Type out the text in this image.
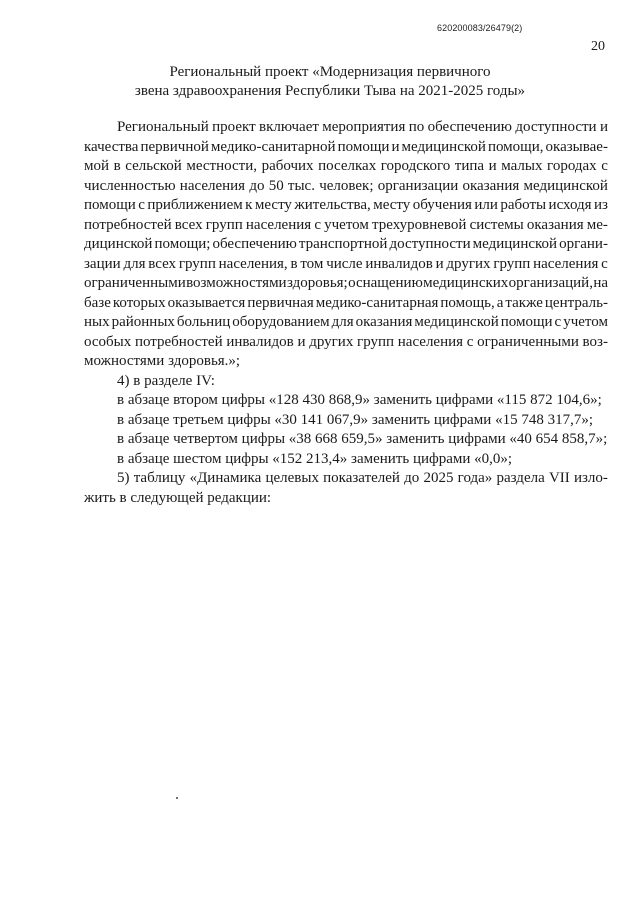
620200083/26479(2)
20
Региональный проект «Модернизация первичного
звена здравоохранения Республики Тыва на 2021-2025 годы»
Региональный проект включает мероприятия по обеспечению доступности и
качества первичной медико-санитарной помощи и медицинской помощи, оказывае-
мой в сельской местности, рабочих поселках городского типа и малых городах с
численностью населения до 50 тыс. человек; организации оказания медицинской
помощи с приближением к месту жительства, месту обучения или работы исходя из
потребностей всех групп населения с учетом трехуровневой системы оказания ме-
дицинской помощи; обеспечению транспортной доступности медицинской органи-
зации для всех групп населения, в том числе инвалидов и других групп населения с
ограниченными возможностями здоровья; оснащению медицинских организаций, на
базе которых оказывается первичная медико-санитарная помощь, а также централь-
ных районных больниц оборудованием для оказания медицинской помощи с учетом
особых потребностей инвалидов и других групп населения с ограниченными воз-
можностями здоровья.»;
4) в разделе IV:
в абзаце втором цифры «128 430 868,9» заменить цифрами «115 872 104,6»;
в абзаце третьем цифры «30 141 067,9» заменить цифрами «15 748 317,7»;
в абзаце четвертом цифры «38 668 659,5» заменить цифрами «40 654 858,7»;
в абзаце шестом цифры «152 213,4» заменить цифрами «0,0»;
5) таблицу «Динамика целевых показателей до 2025 года» раздела VII изло-
жить в следующей редакции:
